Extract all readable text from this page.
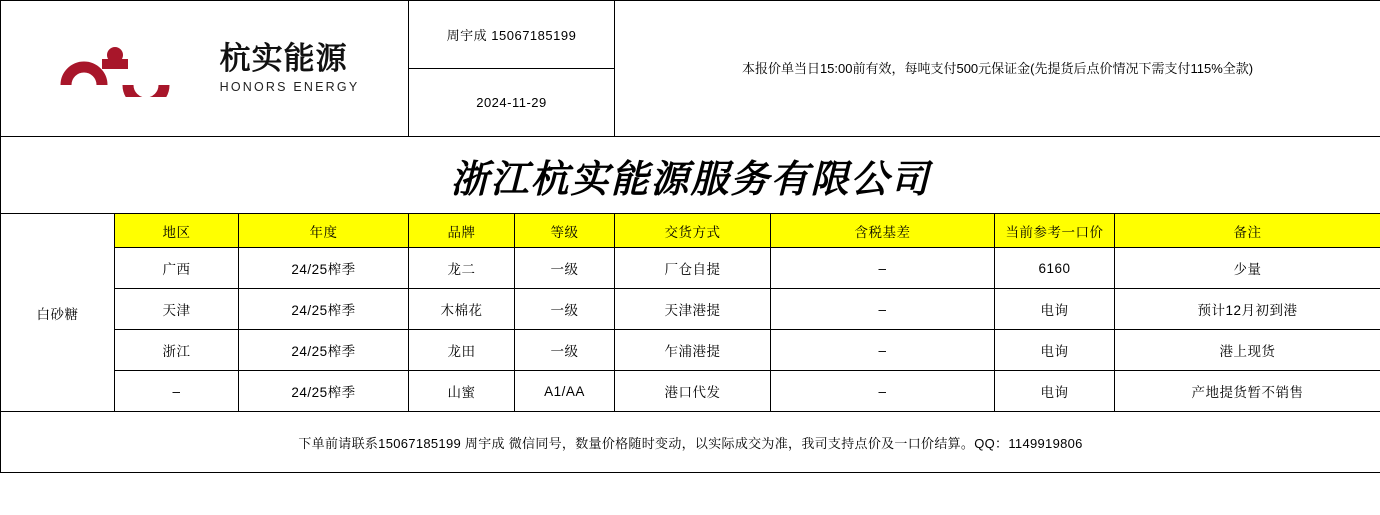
杭实能源
HONORS ENERGY			周宇成 15067185199		本报价单当日15:00前有效，每吨支付500元保证金(先提货后点价情况下需支付115%全款)			
			2024-11-29					
浙江杭实能源服务有限公司								
白砂糖	地区	年度	品牌	等级	交货方式	含税基差	当前参考一口价	备注
	广西	24/25榨季	龙二	一级	厂仓自提	–	6160	少量
	天津	24/25榨季	木棉花	一级	天津港提	–	电询	预计12月初到港
	浙江	24/25榨季	龙田	一级	乍浦港提	–	电询	港上现货
	–	24/25榨季	山蜜	A1/AA	港口代发	–	电询	产地提货暂不销售
下单前请联系15067185199 周宇成 微信同号，数量价格随时变动，以实际成交为准，我司支持点价及一口价结算。QQ：1149919806								
